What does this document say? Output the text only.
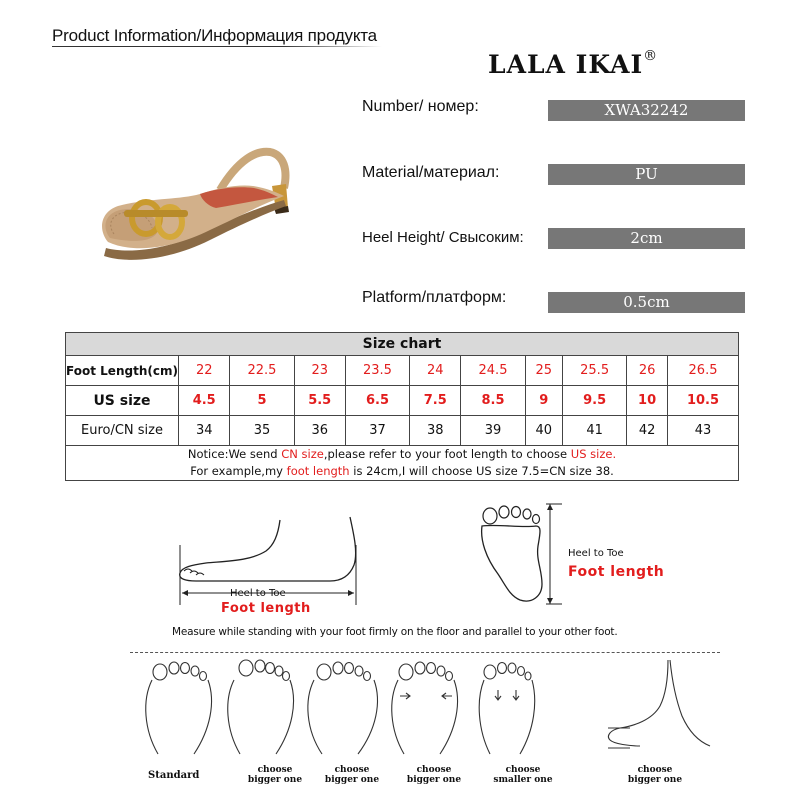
Product Information/Информация продукта
LALA IKAI®
Number/ номер:	XWA32242
Material/материал:	PU
Heel Height/ Свысоким:	2cm
Platform/платформ:	0.5cm
Size chart										
Foot Length(cm)	22	22.5	23	23.5	24	24.5	25	25.5	26	26.5
US size	4.5	5	5.5	6.5	7.5	8.5	9	9.5	10	10.5
Euro/CN size	34	35	36	37	38	39	40	41	42	43
Notice:We send CN size,please refer to your foot length to choose US size.										
For example,my foot length is 24cm,I will choose US size 7.5=CN size 38.										
Heel to Toe
Foot length
Heel to Toe
Foot length
Measure while standing with your foot firmly on the floor and parallel to your other foot.
Standard	choose
bigger one
choose
bigger one
choose
bigger one
choose
smaller one
choose
bigger one
